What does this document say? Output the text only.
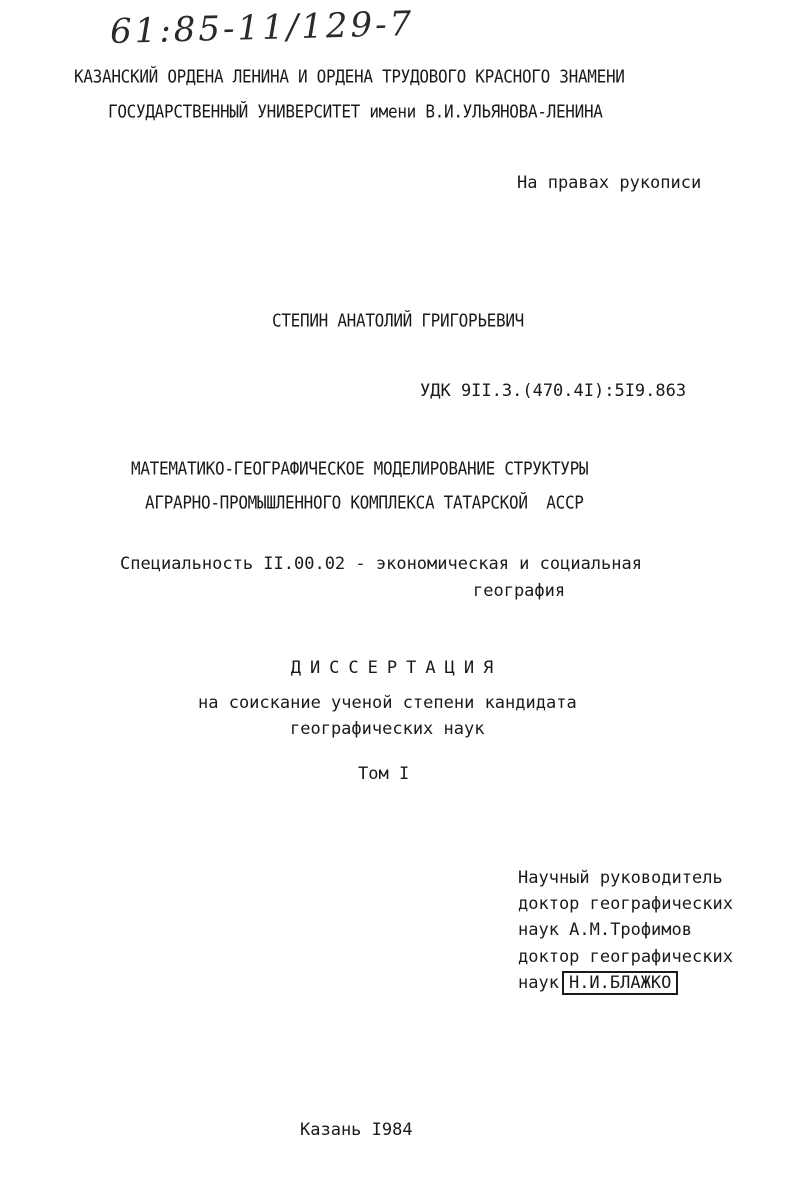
61:85-11/129-7
КАЗАНСКИЙ ОРДЕНА ЛЕНИНА И ОРДЕНА ТРУДОВОГО КРАСНОГО ЗНАМЕНИ
ГОСУДАРСТВЕННЫЙ УНИВЕРСИТЕТ имени В.И.УЛЬЯНОВА-ЛЕНИНА
На правах рукописи
СТЕПИН АНАТОЛИЙ ГРИГОРЬЕВИЧ
УДК 9II.3.(470.4I):5I9.863
МАТЕМАТИКО-ГЕОГРАФИЧЕСКОЕ МОДЕЛИРОВАНИЕ СТРУКТУРЫ
АГРАРНО-ПРОМЫШЛЕННОГО КОМПЛЕКСА ТАТАРСКОЙ  АССР
Специальность II.00.02 - экономическая и социальная
география
ДИССЕРТАЦИЯ
на соискание ученой степени кандидата
географических наук
Том I
Научный руководитель
доктор географических
наук А.М.Трофимов
доктор географических
наук Н.И.БЛАЖКО
Казань I984
